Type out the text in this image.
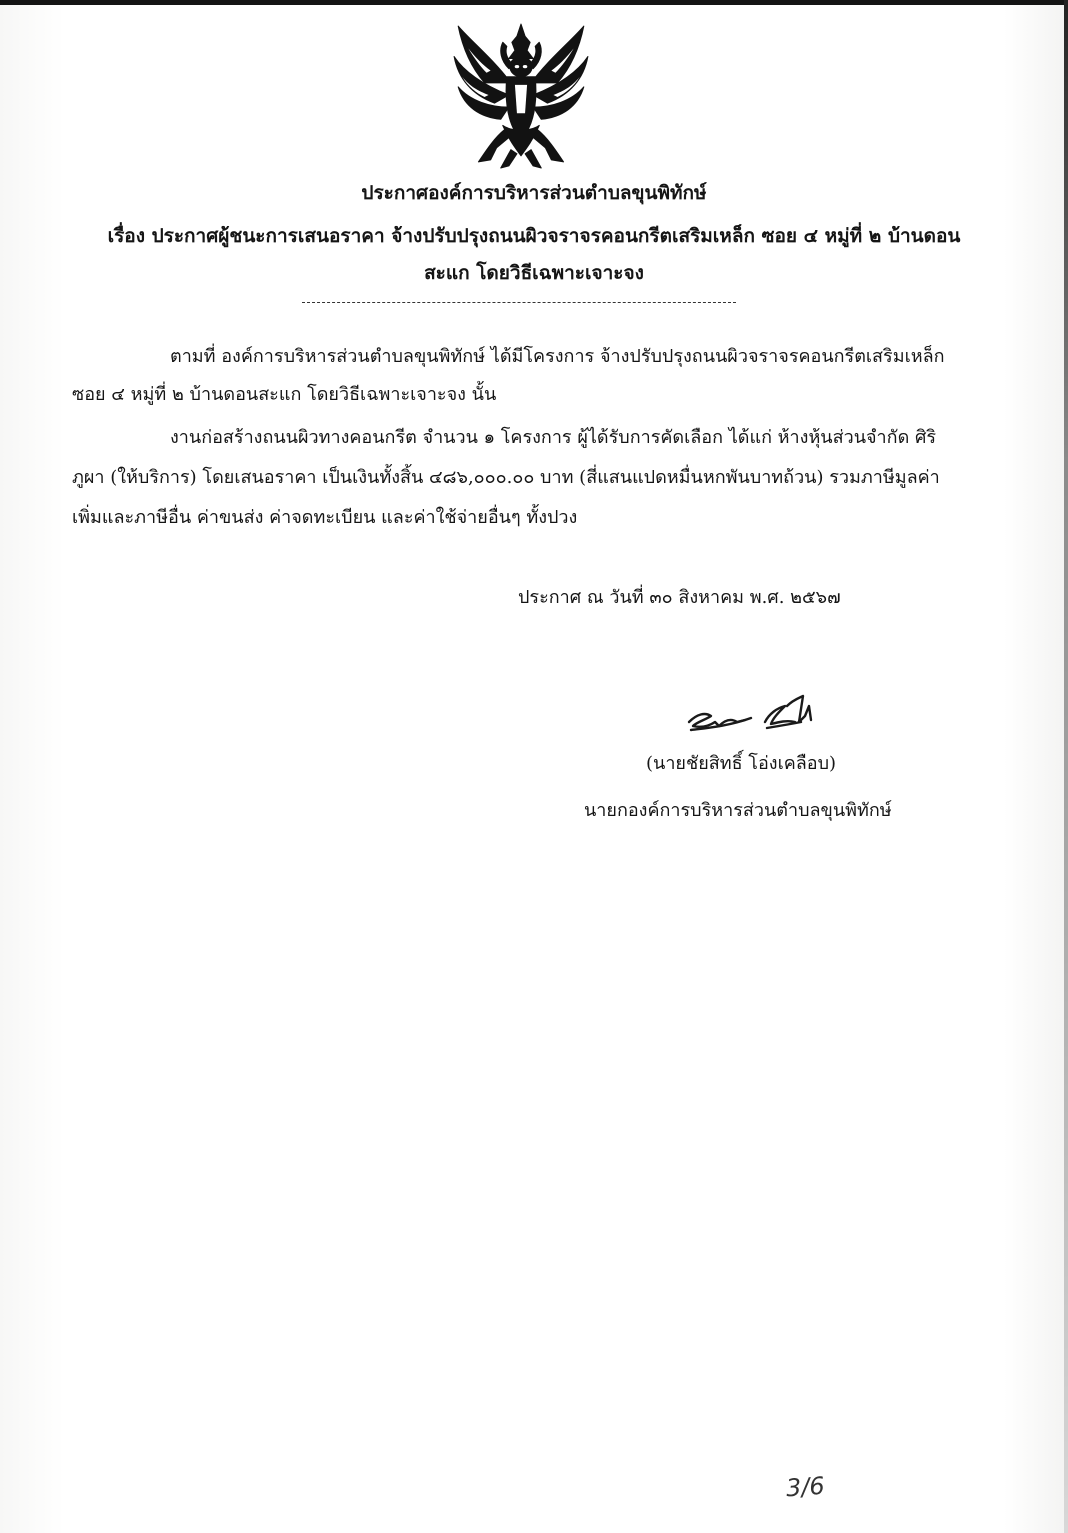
ประกาศองค์การบริหารส่วนตำบลขุนพิทักษ์
เรื่อง ประกาศผู้ชนะการเสนอราคา จ้างปรับปรุงถนนผิวจราจรคอนกรีตเสริมเหล็ก ซอย ๔ หมู่ที่ ๒ บ้านดอน
สะแก โดยวิธีเฉพาะเจาะจง
ตามที่ องค์การบริหารส่วนตำบลขุนพิทักษ์ ได้มีโครงการ จ้างปรับปรุงถนนผิวจราจรคอนกรีตเสริมเหล็ก
ซอย ๔ หมู่ที่ ๒ บ้านดอนสะแก โดยวิธีเฉพาะเจาะจง นั้น
งานก่อสร้างถนนผิวทางคอนกรีต จำนวน ๑ โครงการ ผู้ได้รับการคัดเลือก ได้แก่ ห้างหุ้นส่วนจำกัด ศิริ
ภูผา (ให้บริการ) โดยเสนอราคา เป็นเงินทั้งสิ้น ๔๘๖,๐๐๐.๐๐ บาท (สี่แสนแปดหมื่นหกพันบาทถ้วน) รวมภาษีมูลค่า
เพิ่มและภาษีอื่น ค่าขนส่ง ค่าจดทะเบียน และค่าใช้จ่ายอื่นๆ ทั้งปวง
ประกาศ ณ วันที่ ๓๐ สิงหาคม พ.ศ. ๒๕๖๗
(นายชัยสิทธิ์ โอ่งเคลือบ)
นายกองค์การบริหารส่วนตำบลขุนพิทักษ์
3/6
